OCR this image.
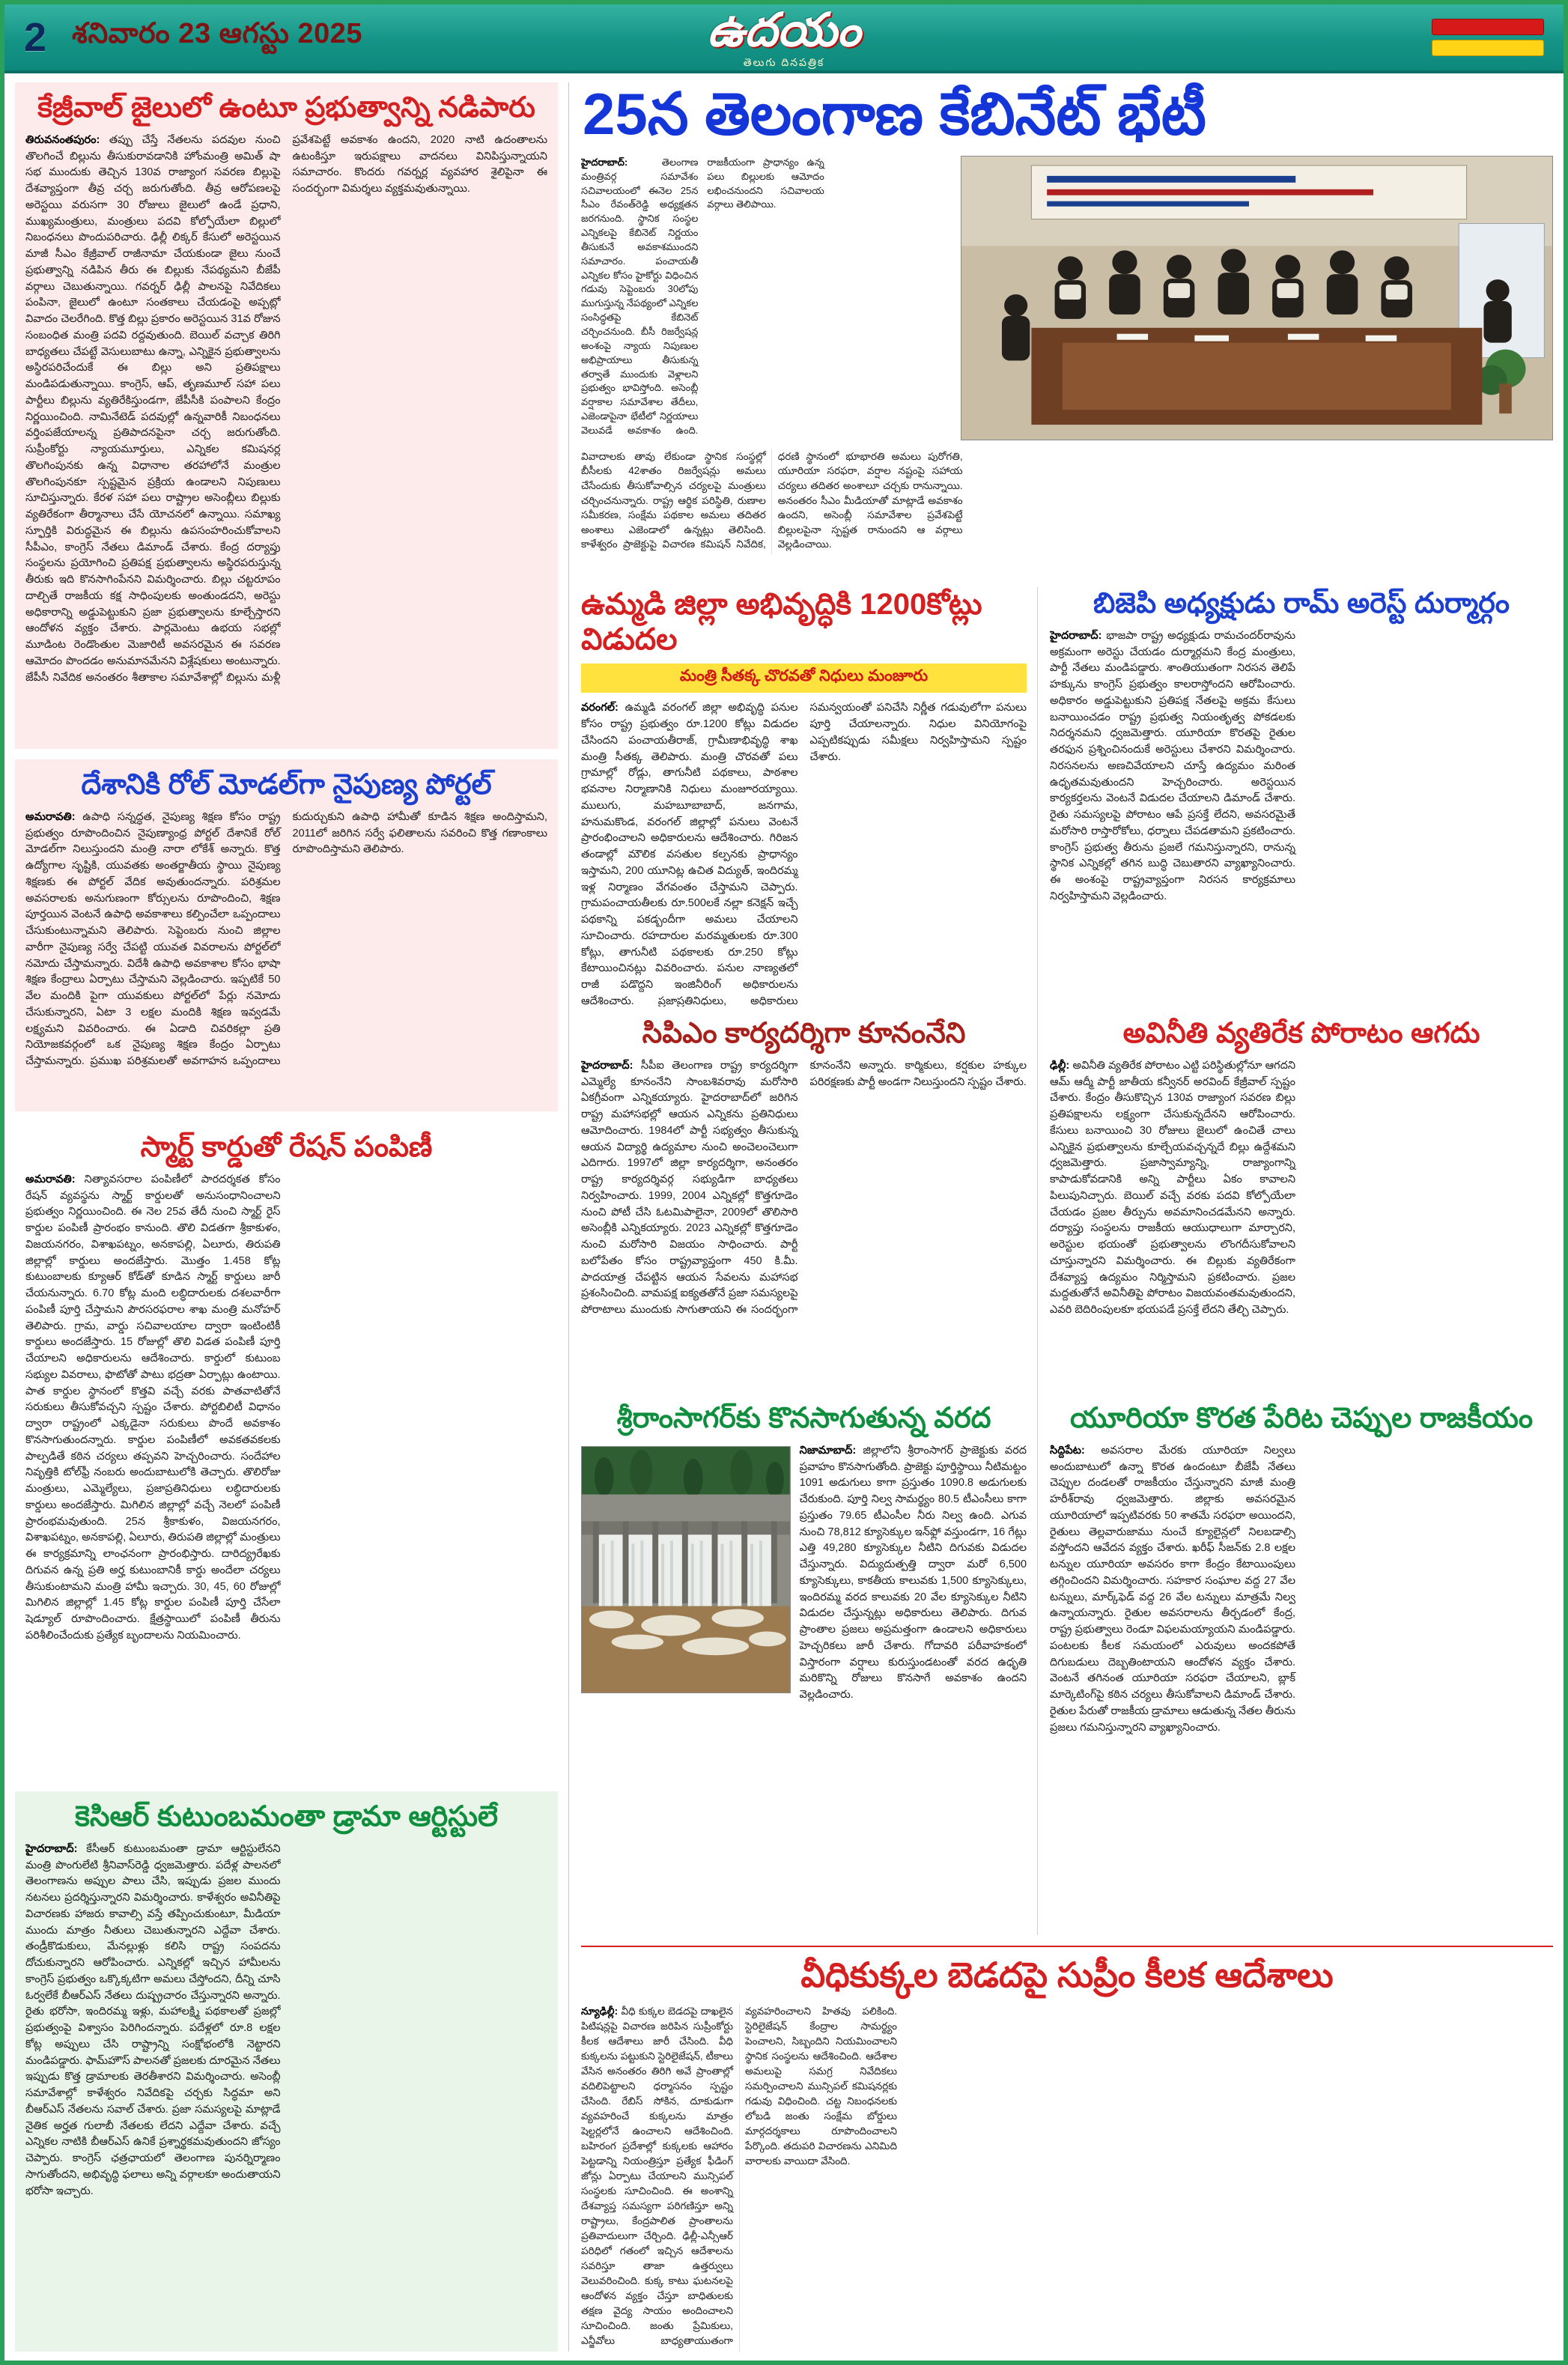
2 శనివారం 23 ఆగస్టు 2025	ఉదయం
తెలుగు దినపత్రిక
కేజ్రీవాల్ జైలులో ఉంటూ ప్రభుత్వాన్ని నడిపారు

తిరువనంతపురం: తప్పు చేస్తే నేతలను పదవుల నుంచి తొలగించే బిల్లును తీసుకురావడానికి హోంమంత్రి అమిత్ షా సభ ముందుకు తెచ్చిన 130వ రాజ్యాంగ సవరణ బిల్లుపై దేశవ్యాప్తంగా తీవ్ర చర్చ జరుగుతోంది. తీవ్ర ఆరోపణలపై అరెస్టయి వరుసగా 30 రోజులు జైలులో ఉండే ప్రధాని, ముఖ్యమంత్రులు, మంత్రులు పదవి కోల్పోయేలా బిల్లులో నిబంధనలు పొందుపరిచారు. ఢిల్లీ లిక్కర్ కేసులో అరెస్టయిన మాజీ సీఎం కేజ్రీవాల్ రాజీనామా చేయకుండా జైలు నుంచే ప్రభుత్వాన్ని నడిపిన తీరు ఈ బిల్లుకు నేపథ్యమని బీజేపీ వర్గాలు చెబుతున్నాయి. గవర్నర్ ఢిల్లీ పాలనపై నివేదికలు పంపినా, జైలులో ఉంటూ సంతకాలు చేయడంపై అప్పట్లో వివాదం చెలరేగింది. కొత్త బిల్లు ప్రకారం అరెస్టయిన 31వ రోజున సంబంధిత మంత్రి పదవి రద్దవుతుంది. బెయిల్ వచ్చాక తిరిగి బాధ్యతలు చేపట్టే వెసులుబాటు ఉన్నా, ఎన్నికైన ప్రభుత్వాలను అస్థిరపరిచేందుకే ఈ బిల్లు అని ప్రతిపక్షాలు మండిపడుతున్నాయి. కాంగ్రెస్, ఆప్, తృణమూల్ సహా పలు పార్టీలు బిల్లును వ్యతిరేకిస్తుండగా, జేపీసీకి పంపాలని కేంద్రం నిర్ణయించింది. నామినేటెడ్ పదవుల్లో ఉన్నవారికీ నిబంధనలు వర్తింపజేయాలన్న ప్రతిపాదనపైనా చర్చ జరుగుతోంది. సుప్రీంకోర్టు న్యాయమూర్తులు, ఎన్నికల కమిషనర్ల తొలగింపునకు ఉన్న విధానాల తరహాలోనే మంత్రుల తొలగింపునకూ స్పష్టమైన ప్రక్రియ ఉండాలని నిపుణులు సూచిస్తున్నారు. కేరళ సహా పలు రాష్ట్రాల అసెంబ్లీలు బిల్లుకు వ్యతిరేకంగా తీర్మానాలు చేసే యోచనలో ఉన్నాయి. సమాఖ్య స్ఫూర్తికి విరుద్ధమైన ఈ బిల్లును ఉపసంహరించుకోవాలని సీపీఎం, కాంగ్రెస్ నేతలు డిమాండ్ చేశారు. కేంద్ర దర్యాప్తు సంస్థలను ప్రయోగించి ప్రతిపక్ష ప్రభుత్వాలను అస్థిరపరుస్తున్న తీరుకు ఇది కొనసాగింపేనని విమర్శించారు. బిల్లు చట్టరూపం దాల్చితే రాజకీయ కక్ష సాధింపులకు అంతుండదని, అరెస్టు అధికారాన్ని అడ్డుపెట్టుకుని ప్రజా ప్రభుత్వాలను కూల్చేస్తారని ఆందోళన వ్యక్తం చేశారు. పార్లమెంటు ఉభయ సభల్లో మూడింట రెండొంతుల మెజారిటీ అవసరమైన ఈ సవరణ ఆమోదం పొందడం అనుమానమేనని విశ్లేషకులు అంటున్నారు. జేపీసీ నివేదిక అనంతరం శీతాకాల సమావేశాల్లో బిల్లును మళ్లీ ప్రవేశపెట్టే అవకాశం ఉందని, 2020 నాటి ఉదంతాలను ఉటంకిస్తూ ఇరుపక్షాలు వాదనలు వినిపిస్తున్నాయని సమాచారం. కొందరు గవర్నర్ల వ్యవహార శైలిపైనా ఈ సందర్భంగా విమర్శలు వ్యక్తమవుతున్నాయి.

దేశానికి రోల్ మోడల్‌గా నైపుణ్య పోర్టల్

అమరావతి: ఉపాధి సన్నద్ధత, నైపుణ్య శిక్షణ కోసం రాష్ట్ర ప్రభుత్వం రూపొందించిన నైపుణ్యాంధ్ర పోర్టల్ దేశానికే రోల్ మోడల్‌గా నిలుస్తుందని మంత్రి నారా లోకేశ్ అన్నారు. కొత్త ఉద్యోగాల సృష్టికి, యువతకు అంతర్జాతీయ స్థాయి నైపుణ్య శిక్షణకు ఈ పోర్టల్ వేదిక అవుతుందన్నారు. పరిశ్రమల అవసరాలకు అనుగుణంగా కోర్సులను రూపొందించి, శిక్షణ పూర్తయిన వెంటనే ఉపాధి అవకాశాలు కల్పించేలా ఒప్పందాలు చేసుకుంటున్నామని తెలిపారు. సెప్టెంబరు నుంచి జిల్లాల వారీగా నైపుణ్య సర్వే చేపట్టి యువత వివరాలను పోర్టల్‌లో నమోదు చేస్తామన్నారు. విదేశీ ఉపాధి అవకాశాల కోసం భాషా శిక్షణ కేంద్రాలు ఏర్పాటు చేస్తామని వెల్లడించారు. ఇప్పటికే 50 వేల మందికి పైగా యువకులు పోర్టల్‌లో పేర్లు నమోదు చేసుకున్నారని, ఏటా 3 లక్షల మందికి శిక్షణ ఇవ్వడమే లక్ష్యమని వివరించారు. ఈ ఏడాది చివరికల్లా ప్రతి నియోజకవర్గంలో ఒక నైపుణ్య శిక్షణ కేంద్రం ఏర్పాటు చేస్తామన్నారు. ప్రముఖ పరిశ్రమలతో అవగాహన ఒప్పందాలు కుదుర్చుకుని ఉపాధి హామీతో కూడిన శిక్షణ అందిస్తామని, 2011లో జరిగిన సర్వే ఫలితాలను సవరించి కొత్త గణాంకాలు రూపొందిస్తామని తెలిపారు.

స్మార్ట్ కార్డుతో రేషన్ పంపిణీ

అమరావతి: నిత్యావసరాల పంపిణీలో పారదర్శకత కోసం రేషన్ వ్యవస్థను స్మార్ట్ కార్డులతో అనుసంధానించాలని ప్రభుత్వం నిర్ణయించింది. ఈ నెల 25వ తేదీ నుంచి స్మార్ట్ రైస్ కార్డుల పంపిణీ ప్రారంభం కానుంది. తొలి విడతగా శ్రీకాకుళం, విజయనగరం, విశాఖపట్నం, అనకాపల్లి, ఏలూరు, తిరుపతి జిల్లాల్లో కార్డులు అందజేస్తారు. మొత్తం 1.458 కోట్ల కుటుంబాలకు క్యూఆర్ కోడ్‌తో కూడిన స్మార్ట్ కార్డులు జారీ చేయనున్నారు. 6.70 కోట్ల మంది లబ్ధిదారులకు దశలవారీగా పంపిణీ పూర్తి చేస్తామని పౌరసరఫరాల శాఖ మంత్రి మనోహర్ తెలిపారు. గ్రామ, వార్డు సచివాలయాల ద్వారా ఇంటింటికీ కార్డులు అందజేస్తారు. 15 రోజుల్లో తొలి విడత పంపిణీ పూర్తి చేయాలని అధికారులను ఆదేశించారు. కార్డులో కుటుంబ సభ్యుల వివరాలు, ఫొటోతో పాటు భద్రతా ఏర్పాట్లు ఉంటాయి. పాత కార్డుల స్థానంలో కొత్తవి వచ్చే వరకు పాతవాటితోనే సరుకులు తీసుకోవచ్చని స్పష్టం చేశారు. పోర్టబిలిటీ విధానం ద్వారా రాష్ట్రంలో ఎక్కడైనా సరుకులు పొందే అవకాశం కొనసాగుతుందన్నారు. కార్డుల పంపిణీలో అవకతవకలకు పాల్పడితే కఠిన చర్యలు తప్పవని హెచ్చరించారు. సందేహాల నివృత్తికి టోల్‌ఫ్రీ నంబరు అందుబాటులోకి తెచ్చారు. తొలిరోజు మంత్రులు, ఎమ్మెల్యేలు, ప్రజాప్రతినిధులు లబ్ధిదారులకు కార్డులు అందజేస్తారు. మిగిలిన జిల్లాల్లో వచ్చే నెలలో పంపిణీ ప్రారంభమవుతుంది. 25న శ్రీకాకుళం, విజయనగరం, విశాఖపట్నం, అనకాపల్లి, ఏలూరు, తిరుపతి జిల్లాల్లో మంత్రులు ఈ కార్యక్రమాన్ని లాంఛనంగా ప్రారంభిస్తారు. దారిద్య్రరేఖకు దిగువన ఉన్న ప్రతి అర్హ కుటుంబానికీ కార్డు అందేలా చర్యలు తీసుకుంటామని మంత్రి హామీ ఇచ్చారు. 30, 45, 60 రోజుల్లో మిగిలిన జిల్లాల్లో 1.45 కోట్ల కార్డుల పంపిణీ పూర్తి చేసేలా షెడ్యూల్ రూపొందించారు. క్షేత్రస్థాయిలో పంపిణీ తీరును పరిశీలించేందుకు ప్రత్యేక బృందాలను నియమించారు.

కెసిఆర్ కుటుంబమంతా డ్రామా ఆర్టిస్టులే

హైదరాబాద్: కేసీఆర్ కుటుంబమంతా డ్రామా ఆర్టిస్టులేనని మంత్రి పొంగులేటి శ్రీనివాస్‌రెడ్డి ధ్వజమెత్తారు. పదేళ్ల పాలనలో తెలంగాణను అప్పుల పాలు చేసి, ఇప్పుడు ప్రజల ముందు నటనలు ప్రదర్శిస్తున్నారని విమర్శించారు. కాళేశ్వరం అవినీతిపై విచారణకు హాజరు కావాల్సి వస్తే తప్పించుకుంటూ, మీడియా ముందు మాత్రం నీతులు చెబుతున్నారని ఎద్దేవా చేశారు. తండ్రీకొడుకులు, మేనల్లుళ్లు కలిసి రాష్ట్ర సంపదను దోచుకున్నారని ఆరోపించారు. ఎన్నికల్లో ఇచ్చిన హామీలను కాంగ్రెస్ ప్రభుత్వం ఒక్కొక్కటిగా అమలు చేస్తోందని, దీన్ని చూసి ఓర్వలేకే బీఆర్ఎస్ నేతలు దుష్ప్రచారం చేస్తున్నారని అన్నారు. రైతు భరోసా, ఇందిరమ్మ ఇళ్లు, మహాలక్ష్మి పథకాలతో ప్రజల్లో ప్రభుత్వంపై విశ్వాసం పెరిగిందన్నారు. పదేళ్లలో రూ.8 లక్షల కోట్ల అప్పులు చేసి రాష్ట్రాన్ని సంక్షోభంలోకి నెట్టారని మండిపడ్డారు. ఫామ్‌హౌస్ పాలనతో ప్రజలకు దూరమైన నేతలు ఇప్పుడు కొత్త డ్రామాలకు తెరతీశారని విమర్శించారు. అసెంబ్లీ సమావేశాల్లో కాళేశ్వరం నివేదికపై చర్చకు సిద్ధమా అని బీఆర్ఎస్ నేతలను సవాల్ చేశారు. ప్రజా సమస్యలపై మాట్లాడే నైతిక అర్హత గులాబీ నేతలకు లేదని ఎద్దేవా చేశారు. వచ్చే ఎన్నికల నాటికి బీఆర్ఎస్ ఉనికే ప్రశ్నార్థకమవుతుందని జోస్యం చెప్పారు. కాంగ్రెస్ ఛత్రఛాయలో తెలంగాణ పునర్నిర్మాణం సాగుతోందని, అభివృద్ధి ఫలాలు అన్ని వర్గాలకూ అందుతాయని భరోసా ఇచ్చారు.

25న తెలంగాణ కేబినేట్ భేటీ

హైదరాబాద్:	తెలంగాణ మంత్రివర్గ సమావేశం సచివాలయంలో ఈనెల 25న సీఎం రేవంత్‌రెడ్డి అధ్యక్షతన జరగనుంది. స్థానిక సంస్థల ఎన్నికలపై కేబినెట్ నిర్ణయం తీసుకునే అవకాశముందని సమాచారం. పంచాయతీ ఎన్నికల కోసం హైకోర్టు విధించిన గడువు సెప్టెంబరు 30లోపు ముగుస్తున్న నేపథ్యంలో ఎన్నికల సంసిద్ధతపై కేబినెట్ చర్చించనుంది. బీసీ రిజర్వేషన్ల అంశంపై న్యాయ నిపుణుల అభిప్రాయాలు తీసుకున్న తర్వాతే ముందుకు వెళ్లాలని ప్రభుత్వం భావిస్తోంది. అసెంబ్లీ వర్షాకాల సమావేశాల తేదీలు, ఎజెండాపైనా భేటీలో నిర్ణయాలు వెలువడే అవకాశం ఉంది. రాజకీయంగా ప్రాధాన్యం ఉన్న పలు బిల్లులకు ఆమోదం లభించనుందని సచివాలయ వర్గాలు తెలిపాయి.

వివాదాలకు తావు లేకుండా స్థానిక సంస్థల్లో బీసీలకు 42శాతం రిజర్వేషన్లు అమలు చేసేందుకు తీసుకోవాల్సిన చర్యలపై మంత్రులు చర్చించనున్నారు. రాష్ట్ర ఆర్థిక పరిస్థితి, రుణాల సమీకరణ, సంక్షేమ పథకాల అమలు తదితర అంశాలు ఎజెండాలో ఉన్నట్లు తెలిసింది. కాళేశ్వరం ప్రాజెక్టుపై విచారణ కమిషన్ నివేదిక, ధరణి స్థానంలో భూభారతి అమలు పురోగతి, యూరియా సరఫరా, వర్షాల నష్టంపై సహాయ చర్యలు తదితర అంశాలూ చర్చకు రానున్నాయి. అనంతరం సీఎం మీడియాతో మాట్లాడే అవకాశం ఉందని, అసెంబ్లీ సమావేశాల ప్రవేశపెట్టే బిల్లులపైనా స్పష్టత రానుందని ఆ వర్గాలు వెల్లడించాయి.

ఉమ్మడి జిల్లా అభివృద్ధికి 1200కోట్లు విడుదల
మంత్రి సీతక్క చొరవతో నిధులు మంజూరు

వరంగల్: ఉమ్మడి వరంగల్ జిల్లా అభివృద్ధి పనుల కోసం రాష్ట్ర ప్రభుత్వం రూ.1200 కోట్లు విడుదల చేసిందని పంచాయతీరాజ్, గ్రామీణాభివృద్ధి శాఖ మంత్రి సీతక్క తెలిపారు. మంత్రి చొరవతో పలు గ్రామాల్లో రోడ్లు, తాగునీటి పథకాలు, పాఠశాల భవనాల నిర్మాణానికి నిధులు మంజూరయ్యాయి. ములుగు, మహబూబాబాద్, జనగామ, హనుమకొండ, వరంగల్ జిల్లాల్లో పనులు వెంటనే ప్రారంభించాలని అధికారులను ఆదేశించారు. గిరిజన తండాల్లో మౌలిక వసతుల కల్పనకు ప్రాధాన్యం ఇస్తామని, 200 యూనిట్ల ఉచిత విద్యుత్, ఇందిరమ్మ ఇళ్ల నిర్మాణం వేగవంతం చేస్తామని చెప్పారు. గ్రామపంచాయతీలకు రూ.500లకే నల్లా కనెక్షన్ ఇచ్చే పథకాన్ని పకడ్బందీగా అమలు చేయాలని సూచించారు. రహదారుల మరమ్మతులకు రూ.300 కోట్లు, తాగునీటి పథకాలకు రూ.250 కోట్లు కేటాయించినట్లు వివరించారు. పనుల నాణ్యతలో రాజీ పడొద్దని ఇంజినీరింగ్ అధికారులను ఆదేశించారు. ప్రజాప్రతినిధులు, అధికారులు సమన్వయంతో పనిచేసి నిర్ణీత గడువులోగా పనులు పూర్తి చేయాలన్నారు. నిధుల వినియోగంపై ఎప్పటికప్పుడు సమీక్షలు నిర్వహిస్తామని స్పష్టం చేశారు.

సిపిఎం కార్యదర్శిగా కూనంనేని

హైదరాబాద్: సీపీఐ తెలంగాణ రాష్ట్ర కార్యదర్శిగా ఎమ్మెల్యే కూనంనేని సాంబశివరావు మరోసారి ఏకగ్రీవంగా ఎన్నికయ్యారు. హైదరాబాద్‌లో జరిగిన రాష్ట్ర మహాసభల్లో ఆయన ఎన్నికను ప్రతినిధులు ఆమోదించారు. 1984లో పార్టీ సభ్యత్వం తీసుకున్న ఆయన విద్యార్థి ఉద్యమాల నుంచి అంచెలంచెలుగా ఎదిగారు. 1997లో జిల్లా కార్యదర్శిగా, అనంతరం రాష్ట్ర కార్యదర్శివర్గ సభ్యుడిగా బాధ్యతలు నిర్వహించారు. 1999, 2004 ఎన్నికల్లో కొత్తగూడెం నుంచి పోటీ చేసి ఓటమిపాలైనా, 2009లో తొలిసారి అసెంబ్లీకి ఎన్నికయ్యారు. 2023 ఎన్నికల్లో కొత్తగూడెం నుంచి మరోసారి విజయం సాధించారు. పార్టీ బలోపేతం కోసం రాష్ట్రవ్యాప్తంగా 450 కి.మీ. పాదయాత్ర చేపట్టిన ఆయన సేవలను మహాసభ ప్రశంసించింది. వామపక్ష ఐక్యతతోనే ప్రజా సమస్యలపై పోరాటాలు ముందుకు సాగుతాయని ఈ సందర్భంగా కూనంనేని అన్నారు. కార్మికులు, కర్షకుల హక్కుల పరిరక్షణకు పార్టీ అండగా నిలుస్తుందని స్పష్టం చేశారు.

శ్రీరాంసాగర్‌కు కొనసాగుతున్న వరద
నిజామాబాద్: జిల్లాలోని శ్రీరాంసాగర్ ప్రాజెక్టుకు వరద ప్రవాహం కొనసాగుతోంది. ప్రాజెక్టు పూర్తిస్థాయి నీటిమట్టం 1091 అడుగులు కాగా ప్రస్తుతం 1090.8 అడుగులకు చేరుకుంది. పూర్తి నిల్వ సామర్థ్యం 80.5 టీఎంసీలు కాగా ప్రస్తుతం 79.65 టీఎంసీల నీరు నిల్వ ఉంది. ఎగువ నుంచి 78,812 క్యూసెక్కుల ఇన్‌ఫ్లో వస్తుండగా, 16 గేట్లు ఎత్తి 49,280 క్యూసెక్కుల నీటిని దిగువకు విడుదల చేస్తున్నారు. విద్యుదుత్పత్తి ద్వారా మరో 6,500 క్యూసెక్కులు, కాకతీయ కాలువకు 1,500 క్యూసెక్కులు, ఇందిరమ్మ వరద కాలువకు 20 వేల క్యూసెక్కుల నీటిని విడుదల చేస్తున్నట్లు అధికారులు తెలిపారు. దిగువ ప్రాంతాల ప్రజలు అప్రమత్తంగా ఉండాలని అధికారులు హెచ్చరికలు జారీ చేశారు. గోదావరి పరీవాహకంలో విస్తారంగా వర్షాలు కురుస్తుండటంతో వరద ఉధృతి మరికొన్ని రోజులు కొనసాగే అవకాశం ఉందని వెల్లడించారు.
బిజెపి అధ్యక్షుడు రామ్ అరెస్ట్ దుర్మార్గం

హైదరాబాద్: భాజపా రాష్ట్ర అధ్యక్షుడు రామచందర్‌రావును అక్రమంగా అరెస్టు చేయడం దుర్మార్గమని కేంద్ర మంత్రులు, పార్టీ నేతలు మండిపడ్డారు. శాంతియుతంగా నిరసన తెలిపే హక్కును కాంగ్రెస్ ప్రభుత్వం కాలరాస్తోందని ఆరోపించారు. అధికారం అడ్డుపెట్టుకుని ప్రతిపక్ష నేతలపై అక్రమ కేసులు బనాయించడం రాష్ట్ర ప్రభుత్వ నియంతృత్వ పోకడలకు నిదర్శనమని ధ్వజమెత్తారు. యూరియా కొరతపై రైతుల తరఫున ప్రశ్నించినందుకే అరెస్టులు చేశారని విమర్శించారు. నిరసనలను అణచివేయాలని చూస్తే ఉద్యమం మరింత ఉధృతమవుతుందని హెచ్చరించారు. అరెస్టయిన కార్యకర్తలను వెంటనే విడుదల చేయాలని డిమాండ్ చేశారు. రైతు సమస్యలపై పోరాటం ఆపే ప్రసక్తే లేదని, అవసరమైతే మరోసారి రాస్తారోకోలు, ధర్నాలు చేపడతామని ప్రకటించారు. కాంగ్రెస్ ప్రభుత్వ తీరును ప్రజలే గమనిస్తున్నారని, రానున్న స్థానిక ఎన్నికల్లో తగిన బుద్ధి చెబుతారని వ్యాఖ్యానించారు. ఈ అంశంపై రాష్ట్రవ్యాప్తంగా నిరసన కార్యక్రమాలు నిర్వహిస్తామని వెల్లడించారు.

అవినీతి వ్యతిరేక పోరాటం ఆగదు

ఢిల్లీ: అవినీతి వ్యతిరేక పోరాటం ఎట్టి పరిస్థితుల్లోనూ ఆగదని ఆమ్ ఆద్మీ పార్టీ జాతీయ కన్వీనర్ అరవింద్ కేజ్రీవాల్ స్పష్టం చేశారు. కేంద్రం తీసుకొచ్చిన 130వ రాజ్యాంగ సవరణ బిల్లు ప్రతిపక్షాలను లక్ష్యంగా చేసుకున్నదేనని ఆరోపించారు. కేసులు బనాయించి 30 రోజులు జైలులో ఉంచితే చాలు ఎన్నికైన ప్రభుత్వాలను కూల్చేయవచ్చన్నదే బిల్లు ఉద్దేశమని ధ్వజమెత్తారు. ప్రజాస్వామ్యాన్ని, రాజ్యాంగాన్ని కాపాడుకోవడానికి అన్ని పార్టీలు ఏకం కావాలని పిలుపునిచ్చారు. బెయిల్ వచ్చే వరకు పదవి కోల్పోయేలా చేయడం ప్రజల తీర్పును అవమానించడమేనని అన్నారు. దర్యాప్తు సంస్థలను రాజకీయ ఆయుధాలుగా మార్చారని, అరెస్టుల భయంతో ప్రభుత్వాలను లొంగదీసుకోవాలని చూస్తున్నారని విమర్శించారు. ఈ బిల్లుకు వ్యతిరేకంగా దేశవ్యాప్త ఉద్యమం నిర్మిస్తామని ప్రకటించారు. ప్రజల మద్దతుతోనే అవినీతిపై పోరాటం విజయవంతమవుతుందని, ఎవరి బెదిరింపులకూ భయపడే ప్రసక్తే లేదని తేల్చి చెప్పారు.

యూరియా కొరత పేరిట చెప్పుల రాజకీయం

సిద్దిపేట: అవసరాల మేరకు యూరియా నిల్వలు అందుబాటులో ఉన్నా కొరత ఉందంటూ బీజేపీ నేతలు చెప్పుల దండలతో రాజకీయం చేస్తున్నారని మాజీ మంత్రి హరీశ్‌రావు ధ్వజమెత్తారు. జిల్లాకు అవసరమైన యూరియాలో ఇప్పటివరకు 50 శాతమే సరఫరా అయిందని, రైతులు తెల్లవారుజాము నుంచే క్యూలైన్లలో నిలబడాల్సి వస్తోందని ఆవేదన వ్యక్తం చేశారు. ఖరీఫ్ సీజన్‌కు 2.8 లక్షల టన్నుల యూరియా అవసరం కాగా కేంద్రం కేటాయింపులు తగ్గించిందని విమర్శించారు. సహకార సంఘాల వద్ద 27 వేల టన్నులు, మార్క్‌ఫెడ్ వద్ద 26 వేల టన్నులు మాత్రమే నిల్వ ఉన్నాయన్నారు. రైతుల అవసరాలను తీర్చడంలో కేంద్ర, రాష్ట్ర ప్రభుత్వాలు రెండూ విఫలమయ్యాయని మండిపడ్డారు. పంటలకు కీలక సమయంలో ఎరువులు అందకపోతే దిగుబడులు దెబ్బతింటాయని ఆందోళన వ్యక్తం చేశారు. వెంటనే తగినంత యూరియా సరఫరా చేయాలని, బ్లాక్ మార్కెటింగ్‌పై కఠిన చర్యలు తీసుకోవాలని డిమాండ్ చేశారు. రైతుల పేరుతో రాజకీయ డ్రామాలు ఆడుతున్న నేతల తీరును ప్రజలు గమనిస్తున్నారని వ్యాఖ్యానించారు.

వీధికుక్కల బెడదపై సుప్రీం కీలక ఆదేశాలు

న్యూఢిల్లీ: వీధి కుక్కల బెడదపై దాఖలైన పిటిషన్లపై విచారణ జరిపిన సుప్రీంకోర్టు కీలక ఆదేశాలు జారీ చేసింది. వీధి కుక్కలను పట్టుకుని స్టెరిలైజేషన్, టీకాలు వేసిన అనంతరం తిరిగి అవే ప్రాంతాల్లో వదిలిపెట్టాలని ధర్మాసనం స్పష్టం చేసింది. రేబిస్ సోకిన, దూకుడుగా వ్యవహరించే కుక్కలను మాత్రం షెల్టర్లలోనే ఉంచాలని ఆదేశించింది. బహిరంగ ప్రదేశాల్లో కుక్కలకు ఆహారం పెట్టడాన్ని నియంత్రిస్తూ ప్రత్యేక ఫీడింగ్ జోన్లు ఏర్పాటు చేయాలని మున్సిపల్ సంస్థలకు సూచించింది. ఈ అంశాన్ని దేశవ్యాప్త సమస్యగా పరిగణిస్తూ అన్ని రాష్ట్రాలు, కేంద్రపాలిత ప్రాంతాలను ప్రతివాదులుగా చేర్చింది. ఢిల్లీ-ఎన్సీఆర్ పరిధిలో గతంలో ఇచ్చిన ఆదేశాలను సవరిస్తూ తాజా ఉత్తర్వులు వెలువరించింది. కుక్క కాటు ఘటనలపై ఆందోళన వ్యక్తం చేస్తూ బాధితులకు తక్షణ వైద్య సాయం అందించాలని సూచించింది. జంతు ప్రేమికులు, ఎన్జీవోలు బాధ్యతాయుతంగా వ్యవహరించాలని హితవు పలికింది. స్టెరిలైజేషన్ కేంద్రాల సామర్థ్యం పెంచాలని, సిబ్బందిని నియమించాలని స్థానిక సంస్థలను ఆదేశించింది. ఆదేశాల అమలుపై సమగ్ర నివేదికలు సమర్పించాలని మున్సిపల్ కమిషనర్లకు గడువు విధించింది. చట్ట నిబంధనలకు లోబడి జంతు సంక్షేమ బోర్డులు మార్గదర్శకాలు రూపొందించాలని పేర్కొంది. తదుపరి విచారణను ఎనిమిది వారాలకు వాయిదా వేసింది.
